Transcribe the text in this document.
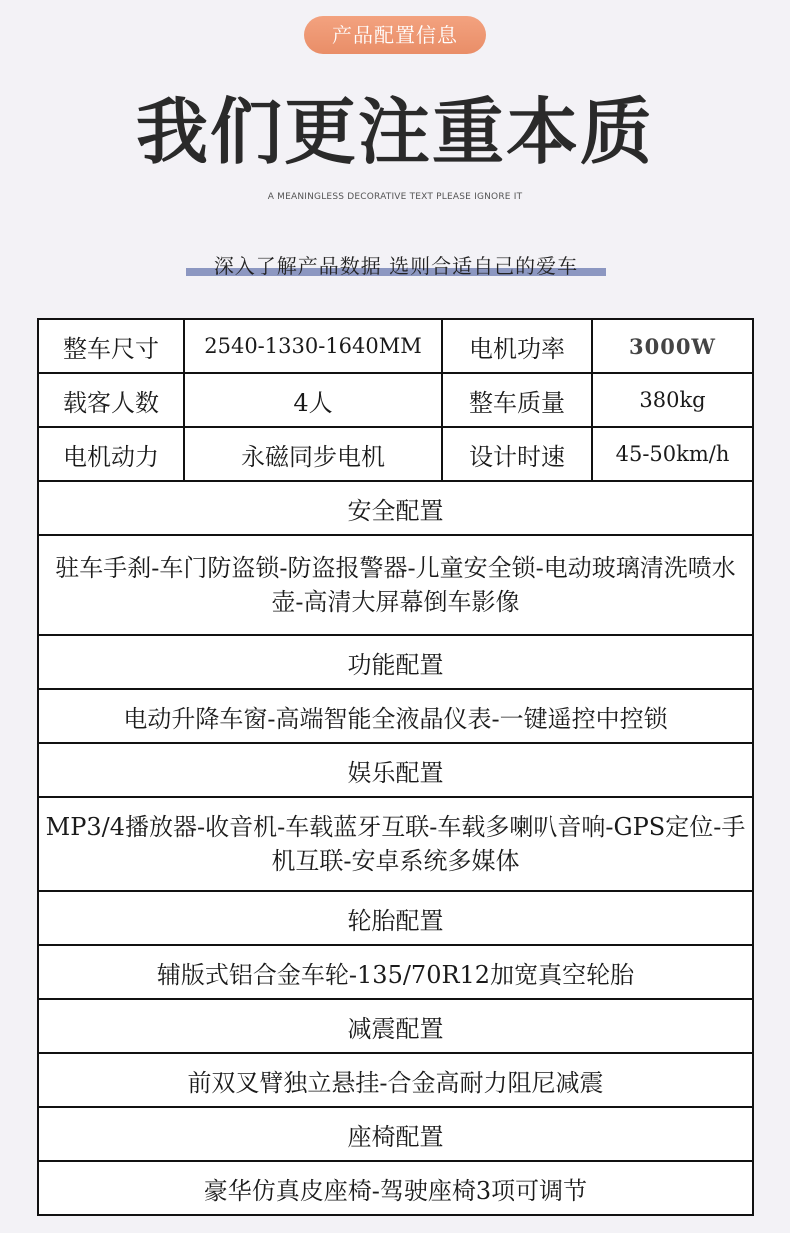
产品配置信息
我们更注重本质
A MEANINGLESS DECORATIVE TEXT PLEASE IGNORE IT
深入了解产品数据 选则合适自己的爱车
整车尺寸	2540-1330-1640MM	电机功率	3000W
载客人数	4人	整车质量	380kg
电机动力	永磁同步电机	设计时速	45-50km/h
安全配置			
驻车手刹-车门防盗锁-防盗报警器-儿童安全锁-电动玻璃清洗喷水壶-高清大屏幕倒车影像			
功能配置			
电动升降车窗-高端智能全液晶仪表-一键遥控中控锁			
娱乐配置			
MP3/4播放器-收音机-车载蓝牙互联-车载多喇叭音响-GPS定位-手机互联-安卓系统多媒体			
轮胎配置			
辅版式铝合金车轮-135/70R12加宽真空轮胎			
减震配置			
前双叉臂独立悬挂-合金高耐力阻尼减震			
座椅配置			
豪华仿真皮座椅-驾驶座椅3项可调节			
